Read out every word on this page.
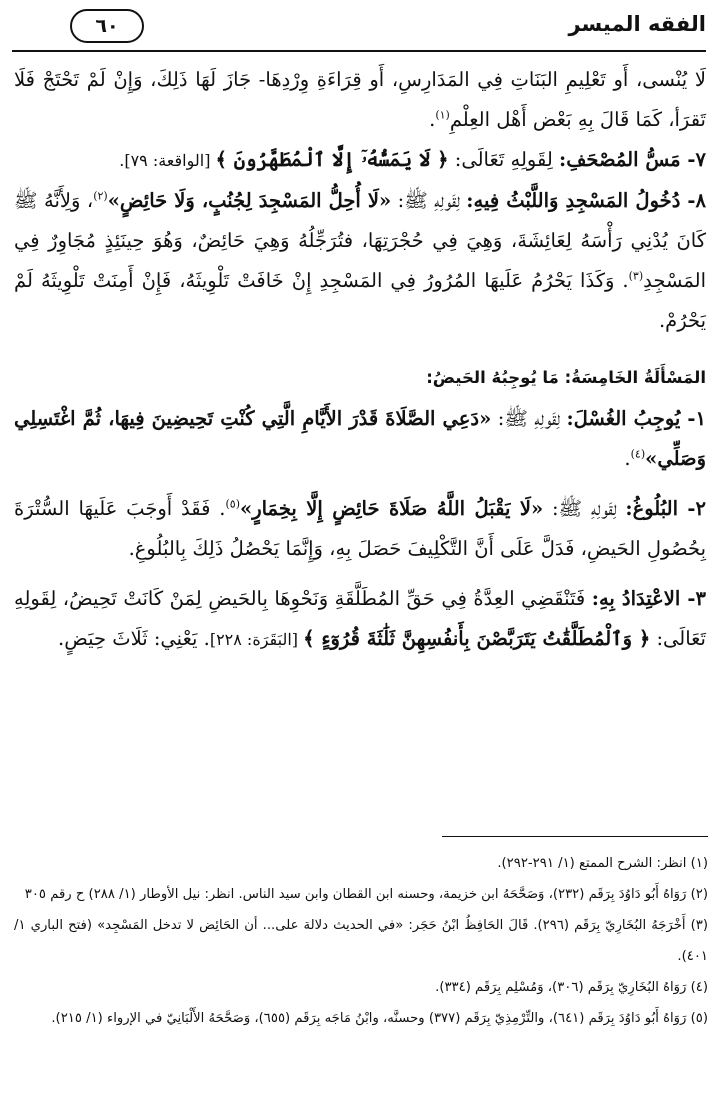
الفقه الميسر
٦٠

لَا يُنْسى، أَو تَعْلِيمِ البَنَاتِ فِي المَدَارِسِ، أَو قِرَاءَةِ وِرْدِهَا- جَازَ لَهَا ذَلِكَ، وَإِنْ لَمْ تَحْتَجْ فَلَا تَقرَأ، كَمَا قَالَ بِهِ بَعْض أَهْل العِلْمِ$^{(١)}$.

٧- مَسُّ المُصْحَفِ: لِقَولِهِ تَعَالَى: ﴿ لَا يَمَسُّهُۥٓ إِلَّا ٱلْمُطَهَّرُونَ ﴾ [الواقعة: ٧٩].

٨- دُخُولُ المَسْجِدِ وَاللَّبْثُ فِيهِ: لِقَولِهِ ﷺ: «لَا أُحِلُّ المَسْجِدَ لِجُنُبٍ، وَلَا حَائِضٍ»$^{(٢)}$، وَلِأَنَّهُ ﷺ كَانَ يُدْنِي رَأْسَهُ لِعَائِشَةَ، وَهِيَ فِي حُجْرَتِهَا، فتُرَجِّلُهُ وَهِيَ حَائِضٌ، وَهُوَ حِينَئِذٍ مُجَاوِرٌ فِي المَسْجِدِ$^{(٣)}$. وَكَذَا يَحْرُمُ عَلَيهَا المُرُورُ فِي المَسْجِدِ إِنْ خَافَتْ تَلْوِيثَهُ، فَإِنْ أَمِنَتْ تَلْوِيثَهُ لَمْ يَحْرُمْ.

المَسْأَلَةُ الخَامِسَةُ: مَا يُوجِبُهُ الحَيضُ:

١- يُوجِبُ الغُسْلَ: لِقَولِهِ ﷺ: «دَعِي الصَّلَاةَ قَدْرَ الأَيَّامِ الَّتِي كُنْتِ تَحِيضِينَ فِيهَا، ثُمَّ اغْتَسِلِي وَصَلِّي»$^{(٤)}$.

٢- البُلُوغُ: لِقَولِهِ ﷺ: «لَا يَقْبَلُ اللَّهُ صَلَاةَ حَائِضٍ إِلَّا بِخِمَارٍ»$^{(٥)}$. فَقَدْ أَوجَبَ عَلَيهَا السُّتْرَةَ بِحُصُولِ الحَيضِ، فَدَلَّ عَلَى أَنَّ التَّكْلِيفَ حَصَلَ بِهِ، وَإِنَّمَا يَحْصُلُ ذَلِكَ بِالبُلُوغِ.

٣- الاعْتِدَادُ بِهِ: فَتَنْقَضِي العِدَّةُ فِي حَقِّ المُطَلَّقَةِ وَنَحْوِهَا بِالحَيضِ لِمَنْ كَانَتْ تَحِيضُ، لِقَولِهِ تَعَالَى: ﴿ وَٱلْمُطَلَّقَٰتُ يَتَرَبَّصْنَ بِأَنفُسِهِنَّ ثَلَٰثَةَ قُرُوٓءٍ ﴾ [البَقَرَة: ٢٢٨]. يَعْنِي: ثَلَاثَ حِيَضٍ.

(١) انظر: الشرح الممتع (١/ ٢٩١-٢٩٢).

(٢) رَوَاهُ أَبُو دَاوُدَ بِرَقَم (٢٣٢)، وَصَحَّحَهُ ابن خزيمة، وحسنه ابن القطان وابن سيد الناس. انظر: نيل الأوطار (١/ ٢٨٨) ح رقم ٣٠٥

(٣) أَخْرَجَهُ البُخَارِيّ بِرَقَم (٢٩٦). قَالَ الحَافِظُ ابْنُ حَجَر: «في الحديث دلالة على... أن الحَائِض لا تدخل المَسْجِد» (فتح الباري ١/ ٤٠١).

(٤) رَوَاهُ البُخَارِيّ بِرَقَم (٣٠٦)، وَمُسْلِم بِرَقَم (٣٣٤).

(٥) رَوَاهُ أَبُو دَاوُدَ بِرَقَم (٦٤١)، والتِّرْمِذِيّ بِرَقَم (٣٧٧) وحسنَّه، وابْنُ مَاجَه بِرَقَم (٦٥٥)، وَصَحَّحَهُ الأَلْبَانِيّ في الإرواء (١/ ٢١٥).
